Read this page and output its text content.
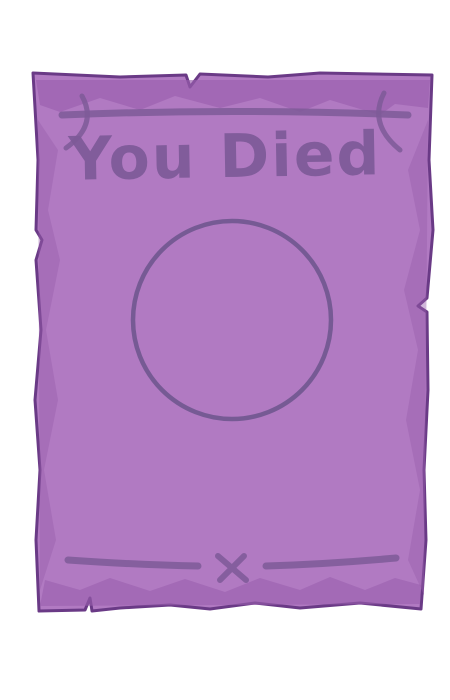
You Died
